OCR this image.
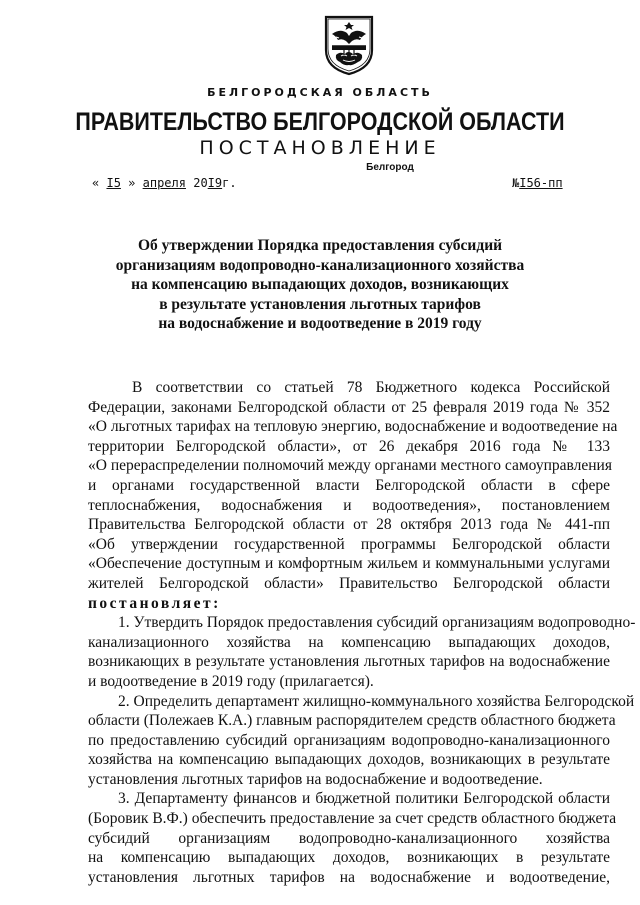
БЕЛГОРОДСКАЯ ОБЛАСТЬ
ПРАВИТЕЛЬСТВО БЕЛГОРОДСКОЙ ОБЛАСТИ
ПОСТАНОВЛЕНИЕ
Белгород
« I5 » апреля 20I9г.	№I56-пп
Об утверждении Порядка предоставления субсидий
организациям водопроводно-канализационного хозяйства
на компенсацию выпадающих доходов, возникающих
в результате установления льготных тарифов
на водоснабжение и водоотведение в 2019 году
В соответствии со статьей 78 Бюджетного кодекса Российской
Федерации, законами Белгородской области от 25 февраля 2019 года № 352
«О льготных тарифах на тепловую энергию, водоснабжение и водоотведение на
территории Белгородской области», от 26 декабря 2016 года № 133
«О перераспределении полномочий между органами местного самоуправления
и органами государственной власти Белгородской области в сфере
теплоснабжения, водоснабжения и водоотведения», постановлением
Правительства Белгородской области от 28 октября 2013 года № 441-пп
«Об утверждении государственной программы Белгородской области
«Обеспечение доступным и комфортным жильем и коммунальными услугами
жителей Белгородской области» Правительство Белгородской области
постановляет:
1. Утвердить Порядок предоставления субсидий организациям водопроводно-
канализационного хозяйства на компенсацию выпадающих доходов,
возникающих в результате установления льготных тарифов на водоснабжение
и водоотведение в 2019 году (прилагается).
2. Определить департамент жилищно-коммунального хозяйства Белгородской
области (Полежаев К.А.) главным распорядителем средств областного бюджета
по предоставлению субсидий организациям водопроводно-канализационного
хозяйства на компенсацию выпадающих доходов, возникающих в результате
установления льготных тарифов на водоснабжение и водоотведение.
3. Департаменту финансов и бюджетной политики Белгородской области
(Боровик В.Ф.) обеспечить предоставление за счет средств областного бюджета
субсидий организациям водопроводно-канализационного хозяйства
на компенсацию выпадающих доходов, возникающих в результате
установления льготных тарифов на водоснабжение и водоотведение,
